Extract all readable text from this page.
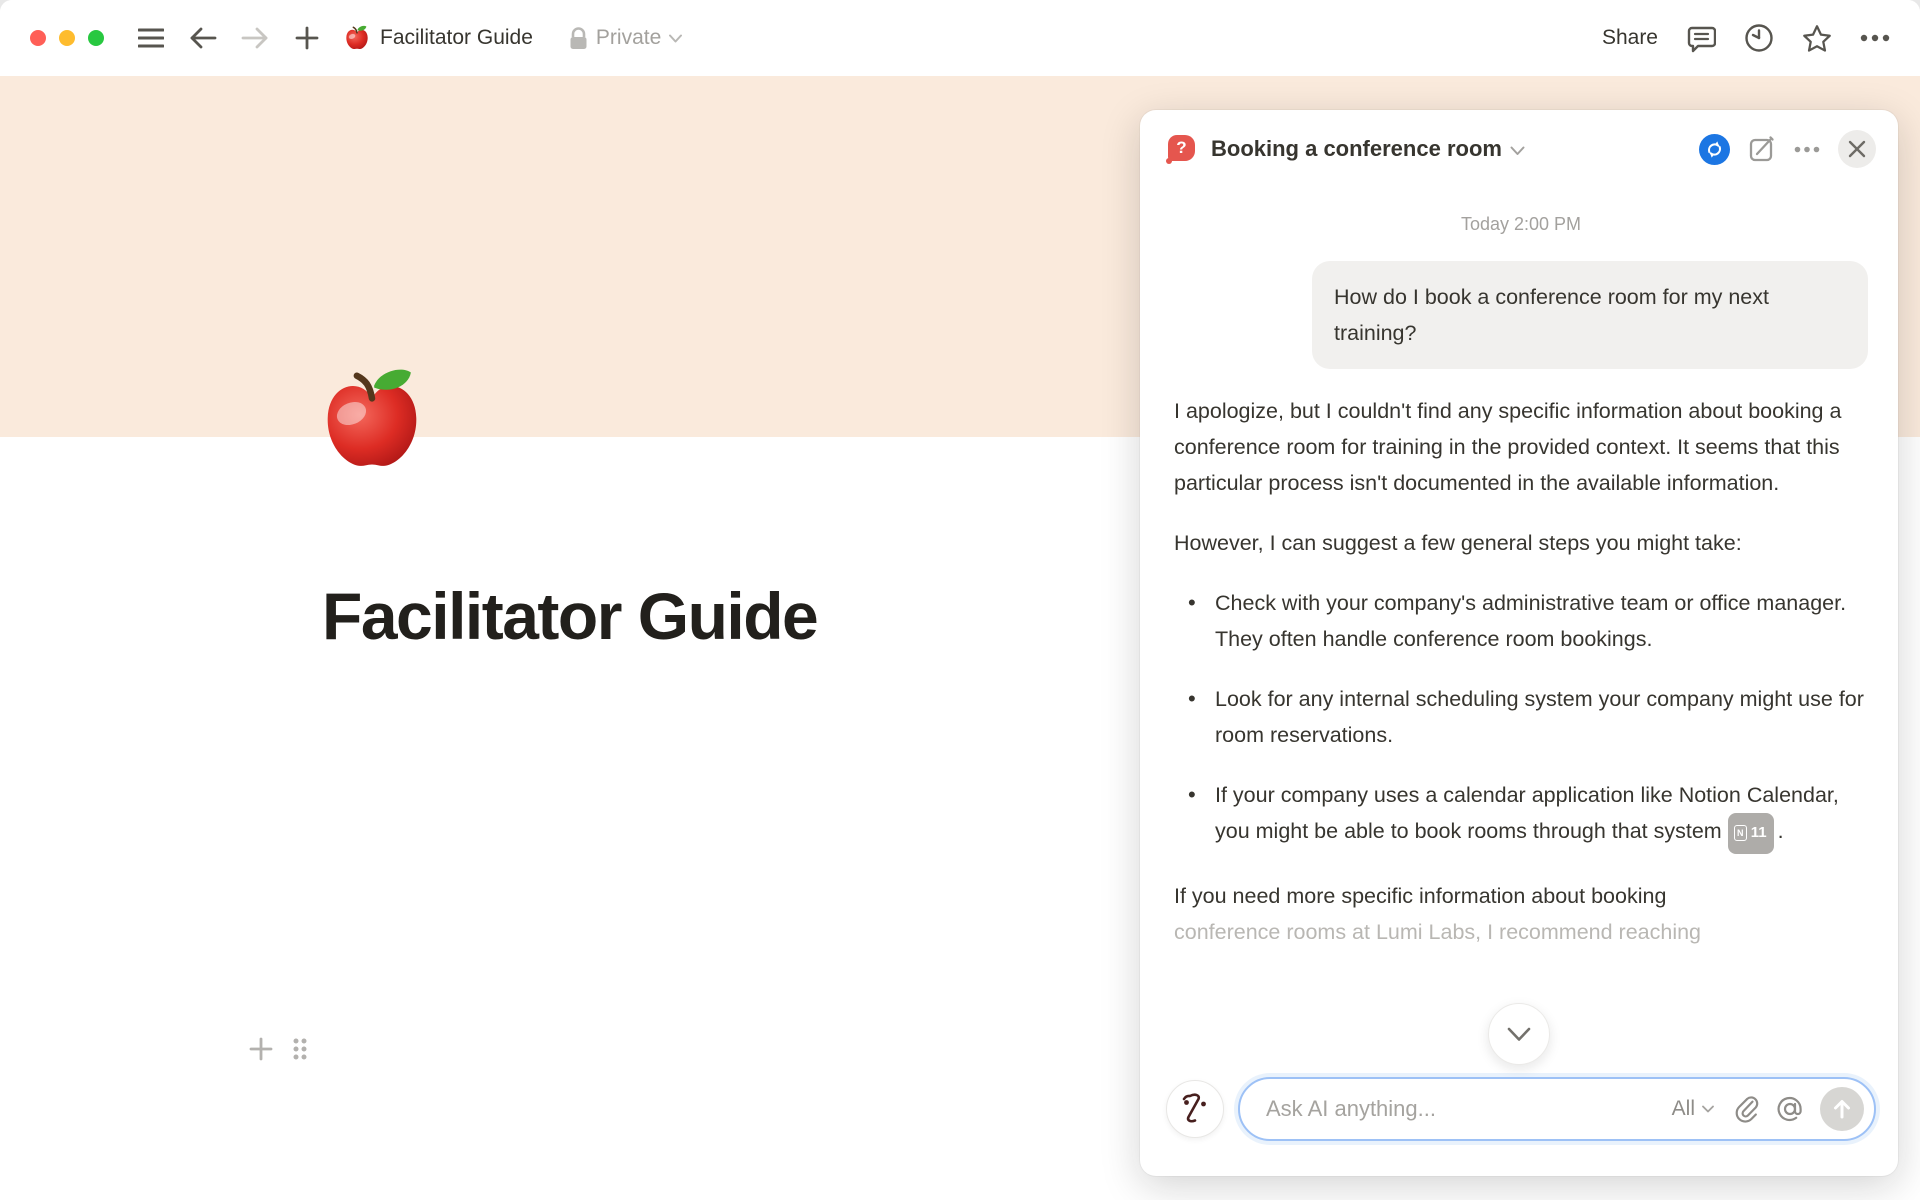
Facilitator Guide	Private	Share
Facilitator Guide
?	Booking a conference room
Today 2:00 PM
How do I book a conference room for my next training?

I apologize, but I couldn't find any specific information about booking a conference room for training in the provided context. It seems that this particular process isn't documented in the available information.

However, I can suggest a few general steps you might take:

• Check with your company's administrative team or office manager. They often handle conference room bookings.
• Look for any internal scheduling system your company might use for room reservations.
• If your company uses a calendar application like Notion Calendar, you might be able to book rooms through that system	N 11 .

If you need more specific information about booking
conference rooms at Lumi Labs, I recommend reaching

Ask AI anything...
All
